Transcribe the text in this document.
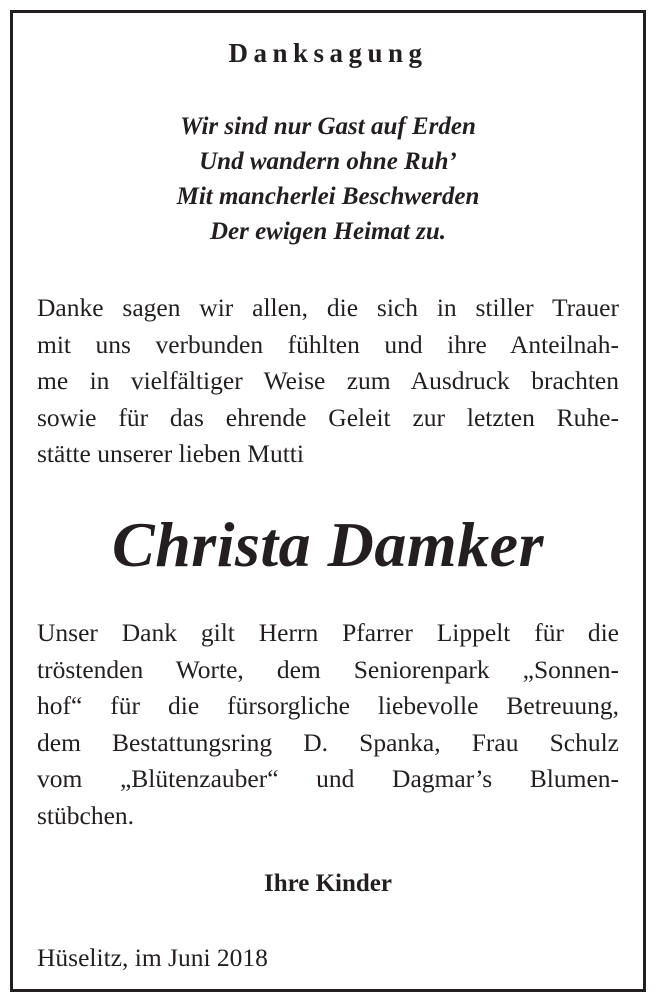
Danksagung
Wir sind nur Gast auf Erden
Und wandern ohne Ruh’
Mit mancherlei Beschwerden
Der ewigen Heimat zu.
Danke sagen wir allen, die sich in stiller Trauer
mit uns verbunden fühlten und ihre Anteilnah-
me in vielfältiger Weise zum Ausdruck brachten
sowie für das ehrende Geleit zur letzten Ruhe-
stätte unserer lieben Mutti
Christa Damker
Unser Dank gilt Herrn Pfarrer Lippelt für die
tröstenden Worte, dem Seniorenpark „Sonnen-
hof“ für die fürsorgliche liebevolle Betreuung,
dem Bestattungsring D. Spanka, Frau Schulz
vom „Blütenzauber“ und Dagmar’s Blumen-
stübchen.
Ihre Kinder
Hüselitz, im Juni 2018
